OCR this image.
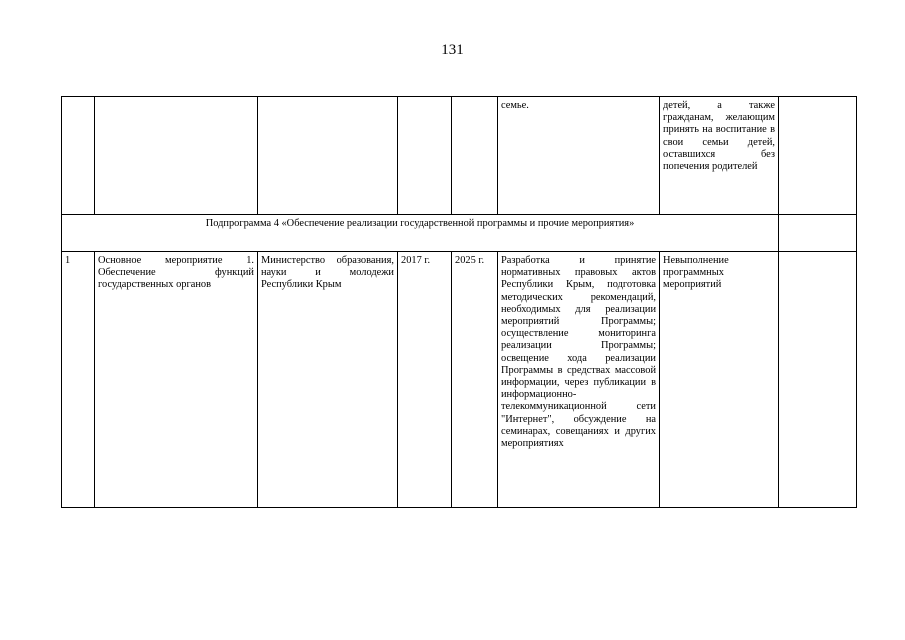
131
					семье.	детей, а также гражданам, желающим принять на воспитание в свои семьи детей, оставшихся без попечения родителей	
Подпрограмма 4 «Обеспечение реализации государственной программы и прочие мероприятия»							
1	Основное мероприятие 1. Обеспечение функций государственных органов	Министерство образования, науки и молодежи Республики Крым	2017 г.	2025 г.	Разработка и принятие нормативных правовых актов Республики Крым, подготовка методических рекомендаций, необходимых для реализации мероприятий Программы; осуществление мониторинга реализации Программы; освещение хода реализации Программы в средствах массовой информации, через публикации в информационно-телекоммуникационной сети "Интернет", обсуждение на семинарах, совещаниях и других мероприятиях	Невыполнение программных мероприятий	
